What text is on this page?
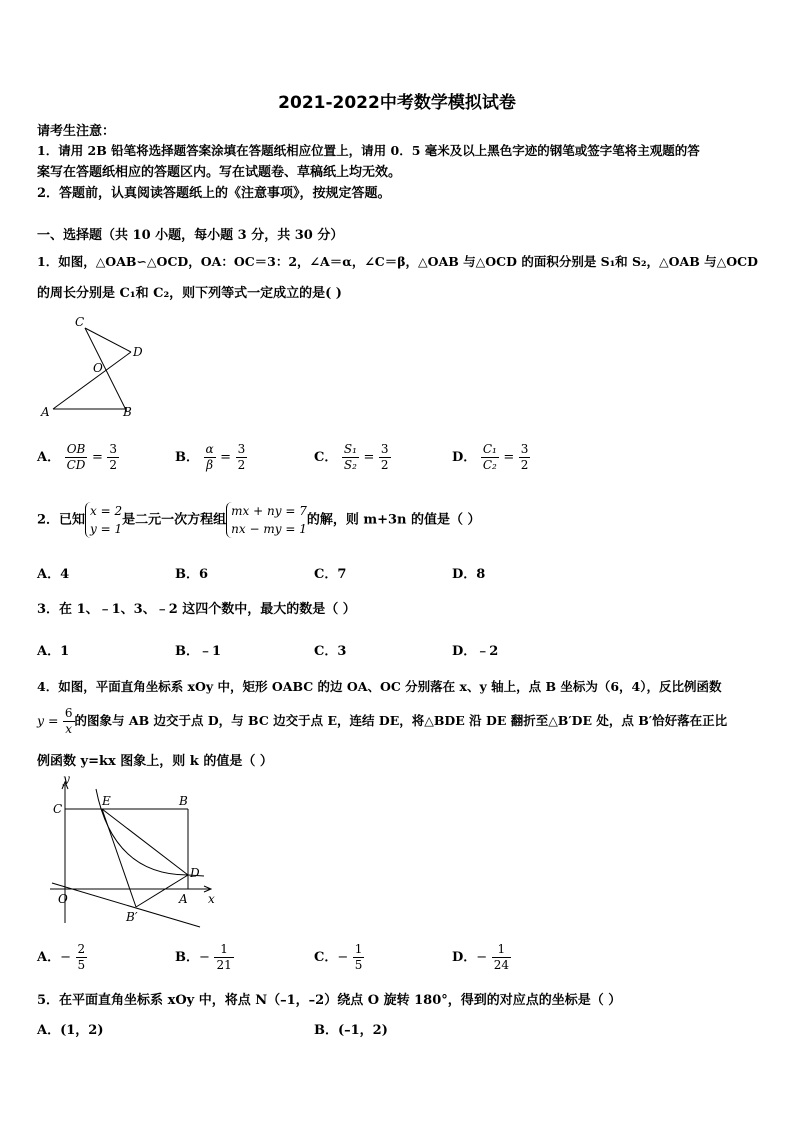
2021-2022中考数学模拟试卷
请考生注意：
1．请用 2B 铅笔将选择题答案涂填在答题纸相应位置上，请用 0．5 毫米及以上黑色字迹的钢笔或签字笔将主观题的答
案写在答题纸相应的答题区内。写在试题卷、草稿纸上均无效。
2．答题前，认真阅读答题纸上的《注意事项》，按规定答题。
一、选择题（共 10 小题，每小题 3 分，共 30 分）
1．如图，△OAB∽△OCD，OA：OC＝3：2，∠A＝α，∠C＝β，△OAB 与△OCD 的面积分别是 S₁和 S₂，△OAB 与△OCD
的周长分别是 C₁和 C₂，则下列等式一定成立的是( )
C
D
O
A	B
A． $\frac{OB}{CD} = \frac{3}{2}$	B． $\frac{\alpha}{\beta} = \frac{3}{2}$	C． $\frac{\text{S₁}}{\text{S₂}} = \frac{3}{2}$	D． $\frac{\text{C₁}}{\text{C₂}} = \frac{3}{2}$
2．已知
x = 2
y = 1
是二元一次方程组
mx + ny = 7
nx − my = 1
的解，则 m+3n 的值是（ ）
A．4	B．6	C．7	D．8
3．在 1、﹣1、3、﹣2 这四个数中，最大的数是（ ）
A．1	B．﹣1	C．3	D．﹣2
4．如图，平面直角坐标系 xOy 中，矩形 OABC 的边 OA、OC 分别落在 x、y 轴上，点 B 坐标为（6，4），反比例函数
$y = \frac{6}{x}$ 的图象与 AB 边交于点 D，与 BC 边交于点 E，连结 DE，将△BDE 沿 DE 翻折至△B′DE 处，点 B′恰好落在正比
例函数 y=kx 图象上，则 k 的值是（ ）
y
C
E	B
D
O	A x
B′
A．− $\frac{2}{5}$	B．− $\frac{1}{21}$	C．− $\frac{1}{5}$	D．− $\frac{1}{24}$
5．在平面直角坐标系 xOy 中，将点 N（–1，–2）绕点 O 旋转 180°，得到的对应点的坐标是（ ）
A．(1，2)	B．(–1，2)
